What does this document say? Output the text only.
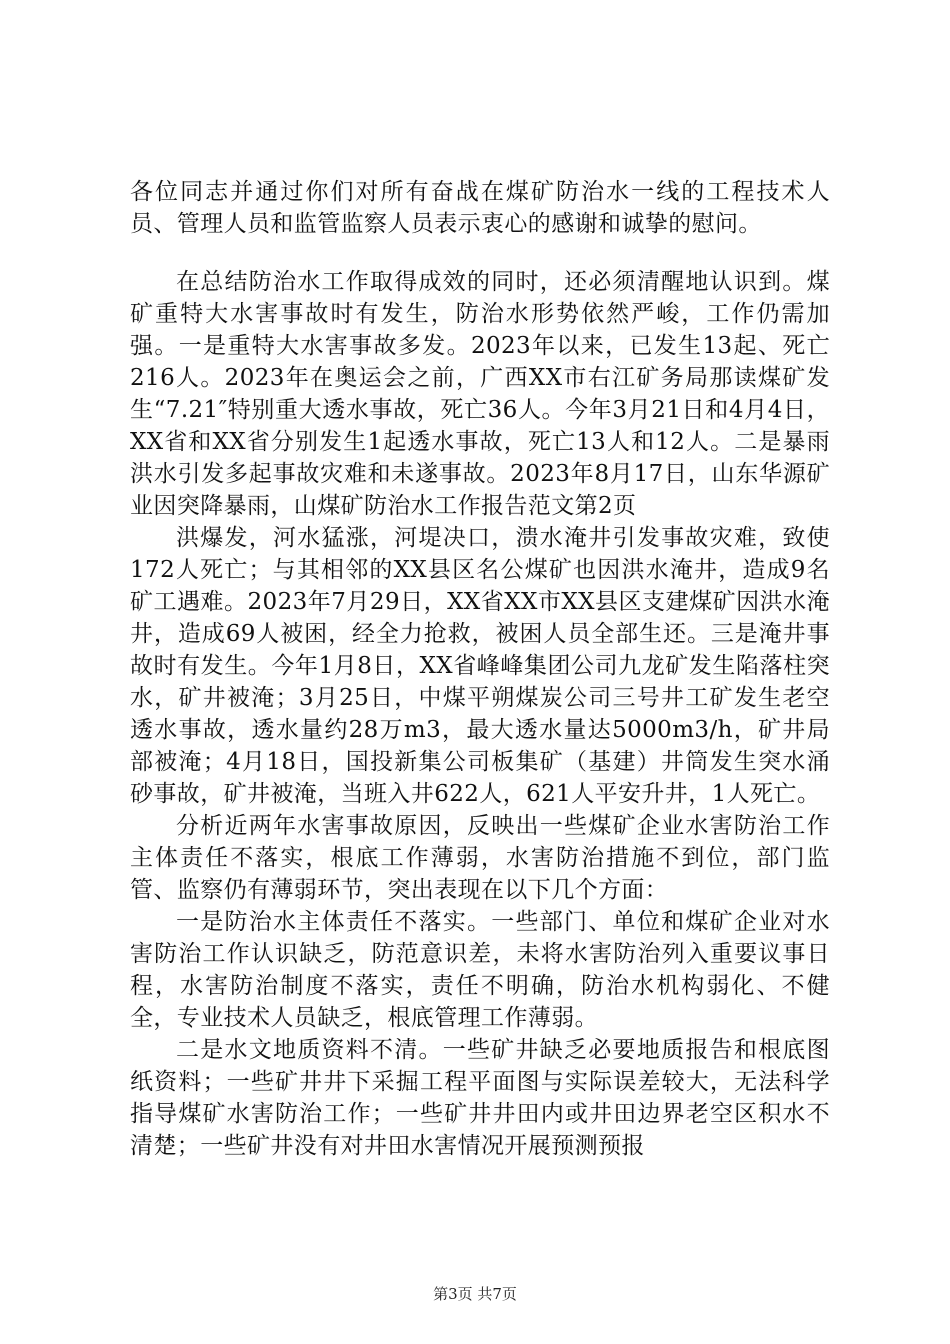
各位同志并通过你们对所有奋战在煤矿防治水一线的工程技术人员、管理人员和监管监察人员表示衷心的感谢和诚挚的慰问。

在总结防治水工作取得成效的同时，还必须清醒地认识到。煤矿重特大水害事故时有发生，防治水形势依然严峻，工作仍需加强。一是重特大水害事故多发。2023年以来，已发生13起、死亡216人。2023年在奥运会之前，广西XX市右江矿务局那读煤矿发生“7.21″特别重大透水事故，死亡36人。今年3月21日和4月4日，XX省和XX省分别发生1起透水事故，死亡13人和12人。二是暴雨洪水引发多起事故灾难和未遂事故。2023年8月17日，山东华源矿业因突降暴雨，山煤矿防治水工作报告范文第2页

洪爆发，河水猛涨，河堤决口，溃水淹井引发事故灾难，致使172人死亡；与其相邻的XX县区名公煤矿也因洪水淹井，造成9名矿工遇难。2023年7月29日，XX省XX市XX县区支建煤矿因洪水淹井，造成69人被困，经全力抢救，被困人员全部生还。三是淹井事故时有发生。今年1月8日，XX省峰峰集团公司九龙矿发生陷落柱突水，矿井被淹；3月25日，中煤平朔煤炭公司三号井工矿发生老空透水事故，透水量约28万m3，最大透水量达5000m3/h，矿井局部被淹；4月18日，国投新集公司板集矿（基建）井筒发生突水涌砂事故，矿井被淹，当班入井622人，621人平安升井，1人死亡。

分析近两年水害事故原因，反映出一些煤矿企业水害防治工作主体责任不落实，根底工作薄弱，水害防治措施不到位，部门监管、监察仍有薄弱环节，突出表现在以下几个方面：

一是防治水主体责任不落实。一些部门、单位和煤矿企业对水害防治工作认识缺乏，防范意识差，未将水害防治列入重要议事日程，水害防治制度不落实，责任不明确，防治水机构弱化、不健全，专业技术人员缺乏，根底管理工作薄弱。

二是水文地质资料不清。一些矿井缺乏必要地质报告和根底图纸资料；一些矿井井下采掘工程平面图与实际误差较大，无法科学指导煤矿水害防治工作；一些矿井井田内或井田边界老空区积水不清楚；一些矿井没有对井田水害情况开展预测预报

第3页 共7页
